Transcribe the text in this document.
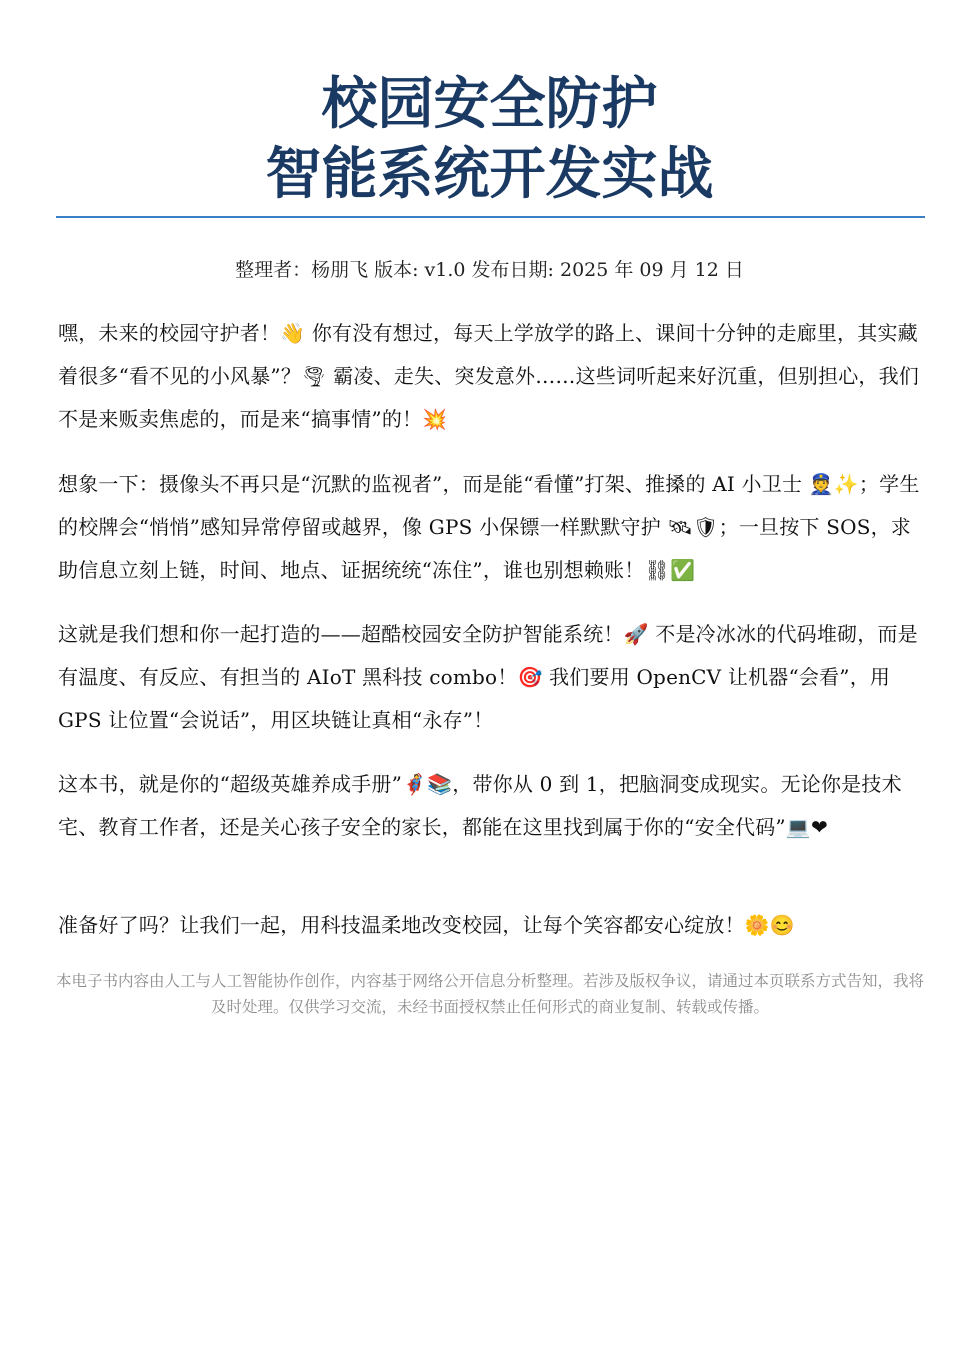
校园安全防护
智能系统开发实战
整理者：杨朋飞 版本: v1.0 发布日期: 2025 年 09 月 12 日

嘿，未来的校园守护者！👋 你有没有想过，每天上学放学的路上、课间十分钟的走廊里，其实藏着很多“看不见的小风暴”？🌪 霸凌、走失、突发意外……这些词听起来好沉重，但别担心，我们不是来贩卖焦虑的，而是来“搞事情”的！💥

想象一下：摄像头不再只是“沉默的监视者”，而是能“看懂”打架、推搡的 AI 小卫士 👮✨；学生的校牌会“悄悄”感知异常停留或越界，像 GPS 小保镖一样默默守护 🛰🛡；一旦按下 SOS，求助信息立刻上链，时间、地点、证据统统“冻住”，谁也别想赖账！⛓✅

这就是我们想和你一起打造的——超酷校园安全防护智能系统！🚀 不是冷冰冰的代码堆砌，而是有温度、有反应、有担当的 AIoT 黑科技 combo！🎯 我们要用 OpenCV 让机器“会看”，用 GPS 让位置“会说话”，用区块链让真相“永存”！

这本书，就是你的“超级英雄养成手册”🦸📚，带你从 0 到 1，把脑洞变成现实。无论你是技术宅、教育工作者，还是关心孩子安全的家长，都能在这里找到属于你的“安全代码”💻❤

准备好了吗？让我们一起，用科技温柔地改变校园，让每个笑容都安心绽放！🌼😊

本电子书内容由人工与人工智能协作创作，内容基于网络公开信息分析整理。若涉及版权争议，请通过本页联系方式告知，我将及时处理。仅供学习交流，未经书面授权禁止任何形式的商业复制、转载或传播。
